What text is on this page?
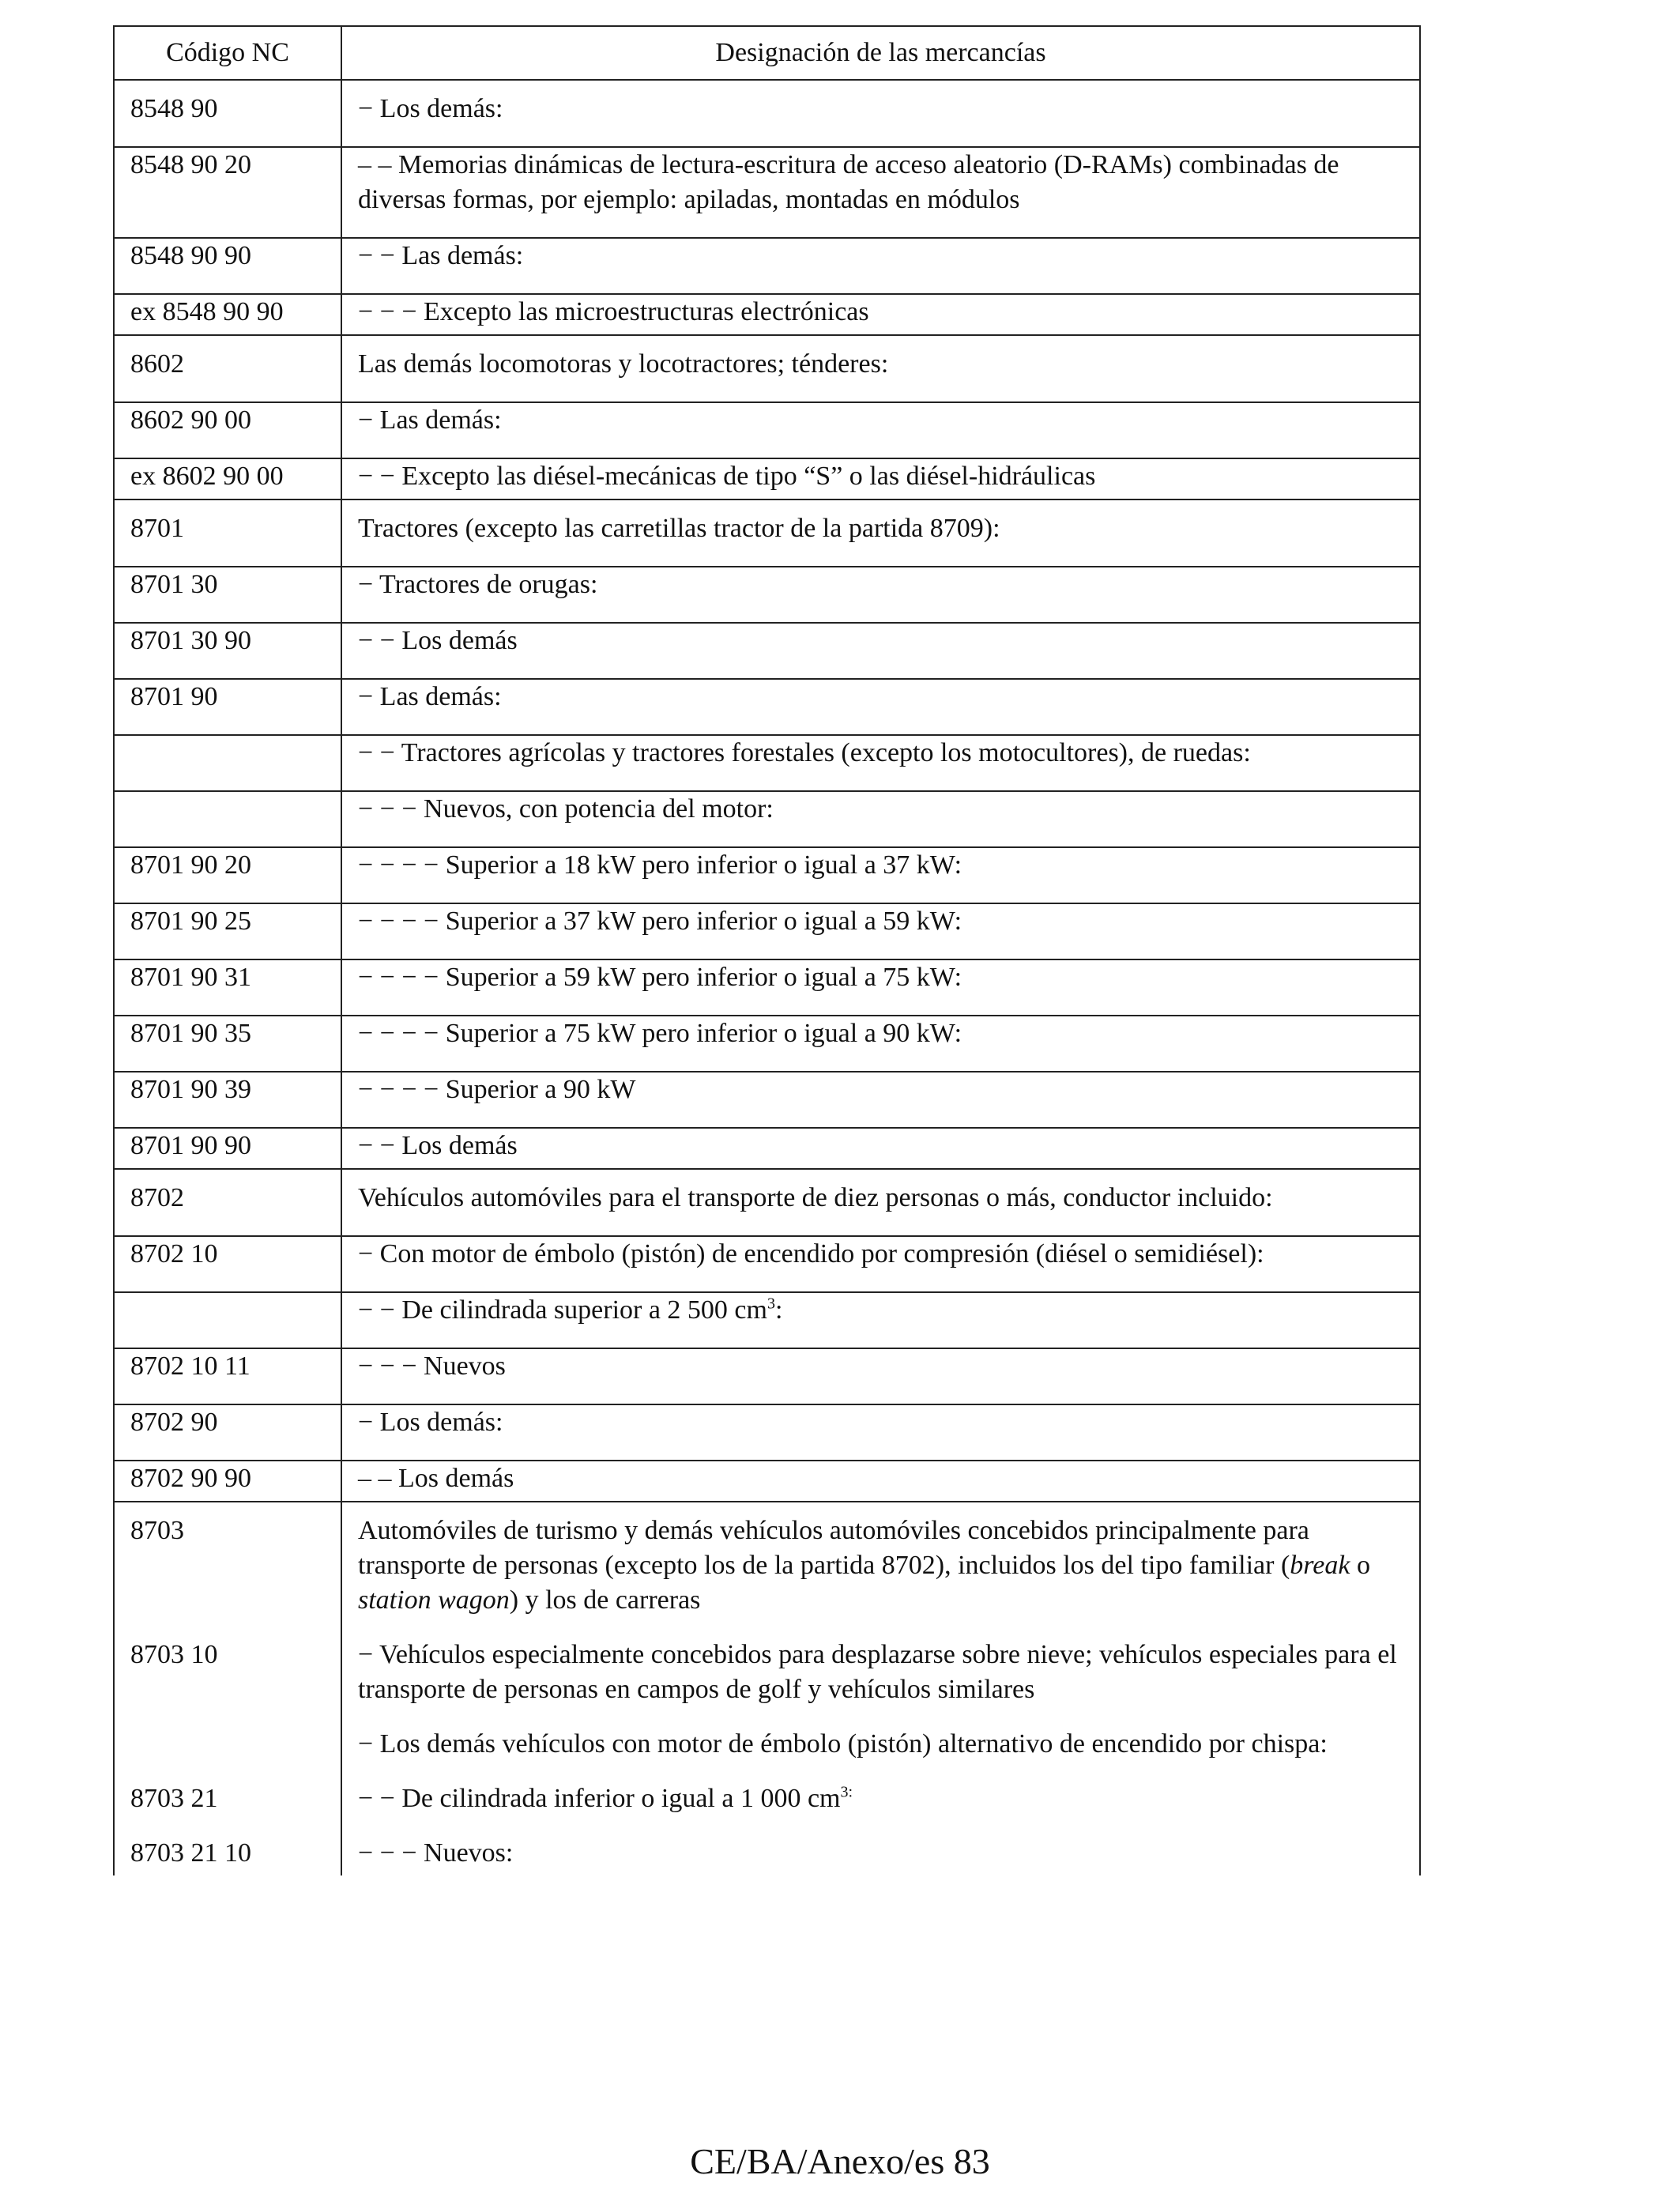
Código NC	Designación de las mercancías
8548 90	− Los demás:
8548 90 20	– – Memorias dinámicas de lectura-escritura de acceso aleatorio (D-RAMs) combinadas de diversas formas, por ejemplo: apiladas, montadas en módulos
8548 90 90	− − Las demás:
ex 8548 90 90	− − − Excepto las microestructuras electrónicas
8602	Las demás locomotoras y locotractores; ténderes:
8602 90 00	− Las demás:
ex 8602 90 00	− − Excepto las diésel-mecánicas de tipo “S” o las diésel-hidráulicas
8701	Tractores (excepto las carretillas tractor de la partida 8709):
8701 30	− Tractores de orugas:
8701 30 90	− − Los demás
8701 90	− Las demás:
	− − Tractores agrícolas y tractores forestales (excepto los motocultores), de ruedas:
	− − − Nuevos, con potencia del motor:
8701 90 20	− − − − Superior a 18 kW pero inferior o igual a 37 kW:
8701 90 25	− − − − Superior a 37 kW pero inferior o igual a 59 kW:
8701 90 31	− − − − Superior a 59 kW pero inferior o igual a 75 kW:
8701 90 35	− − − − Superior a 75 kW pero inferior o igual a 90 kW:
8701 90 39	− − − − Superior a 90 kW
8701 90 90	− − Los demás
8702	Vehículos automóviles para el transporte de diez personas o más, conductor incluido:
8702 10	− Con motor de émbolo (pistón) de encendido por compresión (diésel o semidiésel):
	− − De cilindrada superior a 2 500 $cm^3$:
8702 10 11	− − − Nuevos
8702 90	− Los demás:
8702 90 90	– – Los demás
8703	Automóviles de turismo y demás vehículos automóviles concebidos principalmente para transporte de personas (excepto los de la partida 8702), incluidos los del tipo familiar (break o station wagon) y los de carreras
8703 10	− Vehículos especialmente concebidos para desplazarse sobre nieve; vehículos especiales para el transporte de personas en campos de golf y vehículos similares
	− Los demás vehículos con motor de émbolo (pistón) alternativo de encendido por chispa:
8703 21	− − De cilindrada inferior o igual a 1 000 $cm^{3:}$
8703 21 10	− − − Nuevos:
CE/BA/Anexo/es 83
